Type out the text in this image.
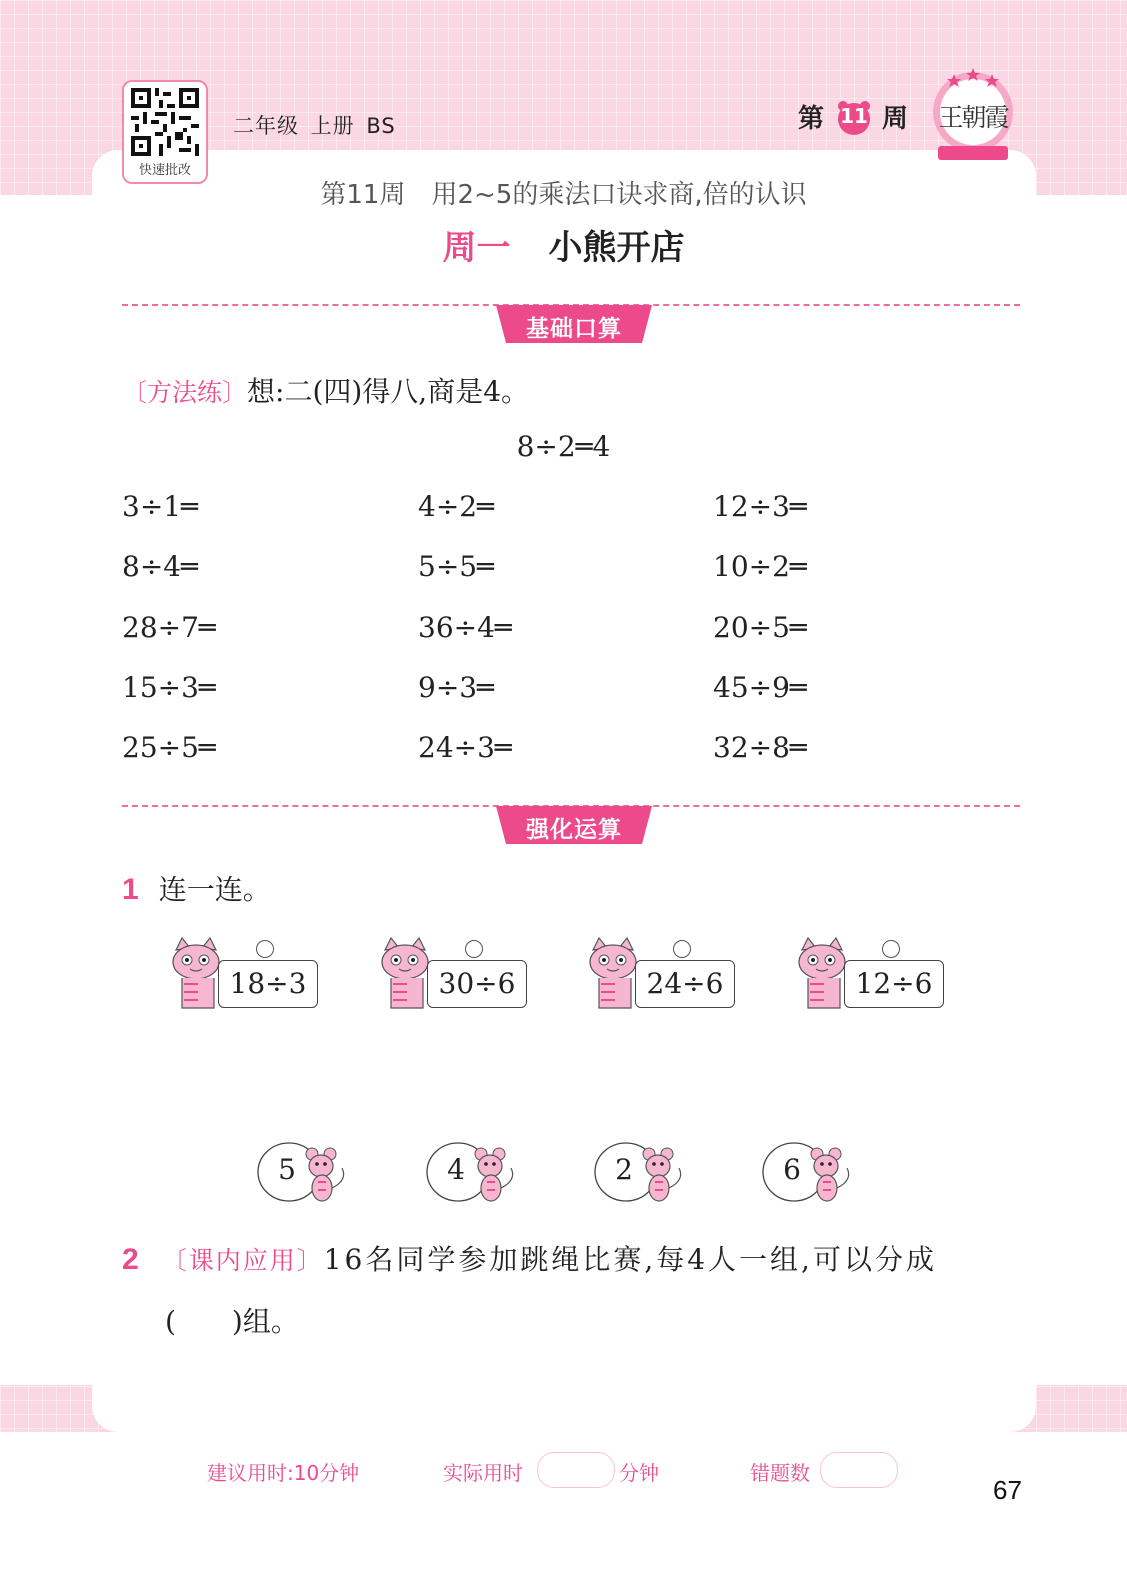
快速批改
二年级 上册 BS	第 11 周	王朝霞
第11周　用2~5的乘法口诀求商,倍的认识
周一 小熊开店
基础口算
〔方法练〕想:二(四)得八,商是4。
8÷2═4
3÷1═	4÷2═	12÷3═
8÷4═	5÷5═	10÷2═
28÷7═	36÷4═	20÷5═
15÷3═	9÷3═	45÷9═
25÷5═	24÷3═	32÷8═
强化运算
1 连一连。
18÷3	30÷6	24÷6	12÷6
5	4	2	6
2 〔课内应用〕16名同学参加跳绳比赛,每4人一组,可以分成
(　　)组。
建议用时:10分钟	实际用时	分钟	错题数
67
